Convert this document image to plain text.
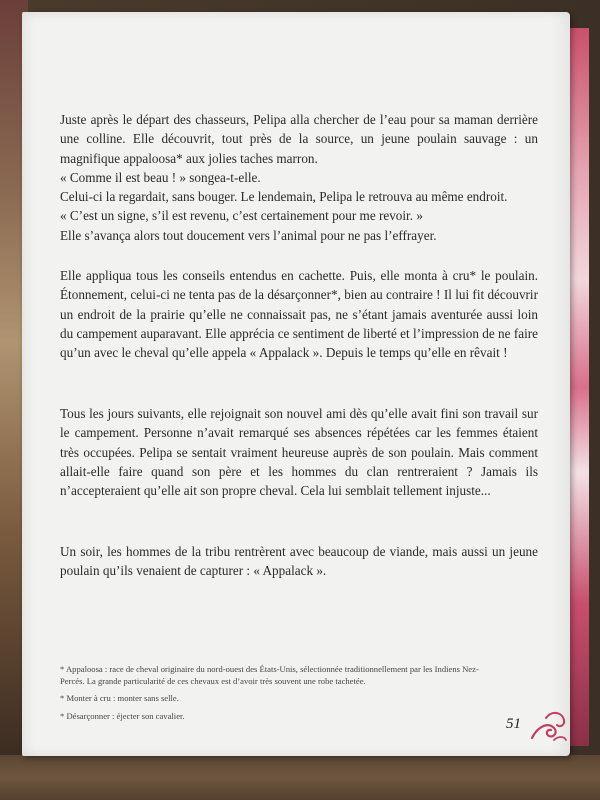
Juste après le départ des chasseurs, Pelipa alla chercher de l’eau pour sa maman derrière une colline. Elle découvrit, tout près de la source, un jeune poulain sauvage : un magnifique appaloosa* aux jolies taches marron.

« Comme il est beau ! » songea-t-elle.

Celui-ci la regardait, sans bouger. Le lendemain, Pelipa le retrouva au même endroit.

« C’est un signe, s’il est revenu, c’est certainement pour me revoir. »

Elle s’avança alors tout doucement vers l’animal pour ne pas l’effrayer.

Elle appliqua tous les conseils entendus en cachette. Puis, elle monta à cru* le poulain. Étonnement, celui-ci ne tenta pas de la désarçonner*, bien au contraire ! Il lui fit découvrir un endroit de la prairie qu’elle ne connaissait pas, ne s’étant jamais aventurée aussi loin du campement auparavant. Elle apprécia ce sentiment de liberté et l’impression de ne faire qu’un avec le cheval qu’elle appela « Appalack ». Depuis le temps qu’elle en rêvait !

Tous les jours suivants, elle rejoignait son nouvel ami dès qu’elle avait fini son travail sur le campement. Personne n’avait remarqué ses absences répétées car les femmes étaient très occupées. Pelipa se sentait vraiment heureuse auprès de son poulain. Mais comment allait-elle faire quand son père et les hommes du clan rentreraient ? Jamais ils n’accepteraient qu’elle ait son propre cheval. Cela lui semblait tellement injuste...

Un soir, les hommes de la tribu rentrèrent avec beaucoup de viande, mais aussi un jeune poulain qu’ils venaient de capturer : « Appalack ».

* Appaloosa : race de cheval originaire du nord-ouest des États-Unis, sélectionnée traditionnellement par les Indiens Nez-Percés. La grande particularité de ces chevaux est d’avoir très souvent une robe tachetée.

* Monter à cru : monter sans selle.

* Désarçonner : éjecter son cavalier.

51
